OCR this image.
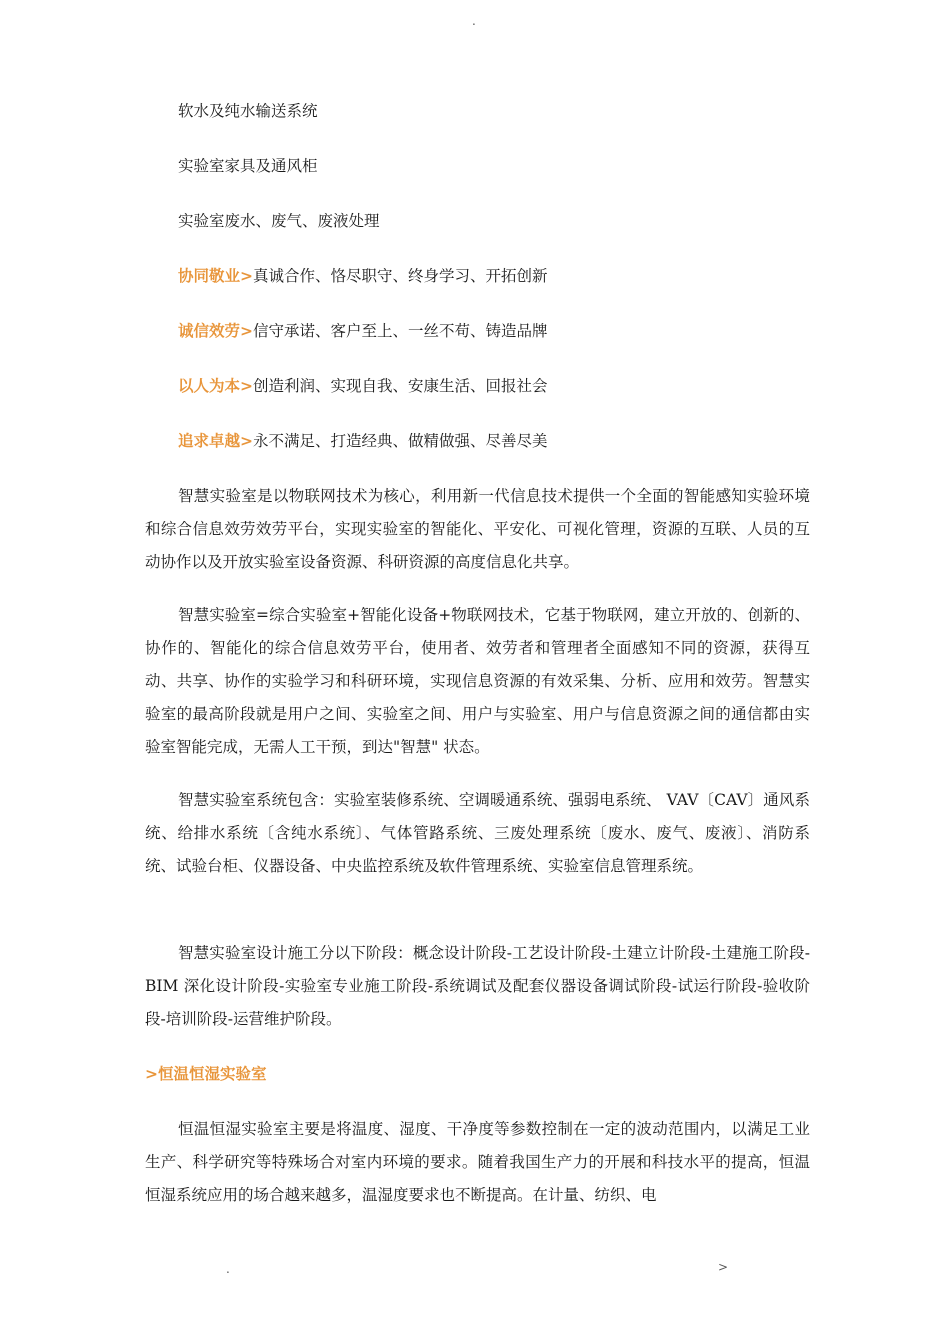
.
软水及纯水输送系统
实验室家具及通风柜
实验室废水、废气、废液处理
协同敬业>真诚合作、恪尽职守、终身学习、开拓创新
诚信效劳>信守承诺、客户至上、一丝不苟、铸造品牌
以人为本>创造利润、实现自我、安康生活、回报社会
追求卓越>永不满足、打造经典、做精做强、尽善尽美
智慧实验室是以物联网技术为核心，利用新一代信息技术提供一个全面的智能感知实验环境和综合信息效劳效劳平台，实现实验室的智能化、平安化、可视化管理，资源的互联、人员的互动协作以及开放实验室设备资源、科研资源的高度信息化共享。
智慧实验室=综合实验室+智能化设备+物联网技术，它基于物联网，建立开放的、创新的、协作的、智能化的综合信息效劳平台，使用者、效劳者和管理者全面感知不同的资源，获得互动、共享、协作的实验学习和科研环境，实现信息资源的有效采集、分析、应用和效劳。智慧实验室的最高阶段就是用户之间、实验室之间、用户与实验室、用户与信息资源之间的通信都由实验室智能完成，无需人工干预，到达"智慧" 状态。
智慧实验室系统包含：实验室装修系统、空调暖通系统、强弱电系统、 VAV〔CAV〕通风系统、给排水系统〔含纯水系统〕、气体管路系统、三废处理系统〔废水、废气、废液〕、消防系统、试验台柜、仪器设备、中央监控系统及软件管理系统、实验室信息管理系统。
智慧实验室设计施工分以下阶段：概念设计阶段-工艺设计阶段-土建立计阶段-土建施工阶段-BIM 深化设计阶段-实验室专业施工阶段-系统调试及配套仪器设备调试阶段-试运行阶段-验收阶段-培训阶段-运营维护阶段。
>恒温恒湿实验室
恒温恒湿实验室主要是将温度、湿度、干净度等参数控制在一定的波动范围内，以满足工业生产、科学研究等特殊场合对室内环境的要求。随着我国生产力的开展和科技水平的提高，恒温恒湿系统应用的场合越来越多，温湿度要求也不断提高。在计量、纺织、电
.	>
